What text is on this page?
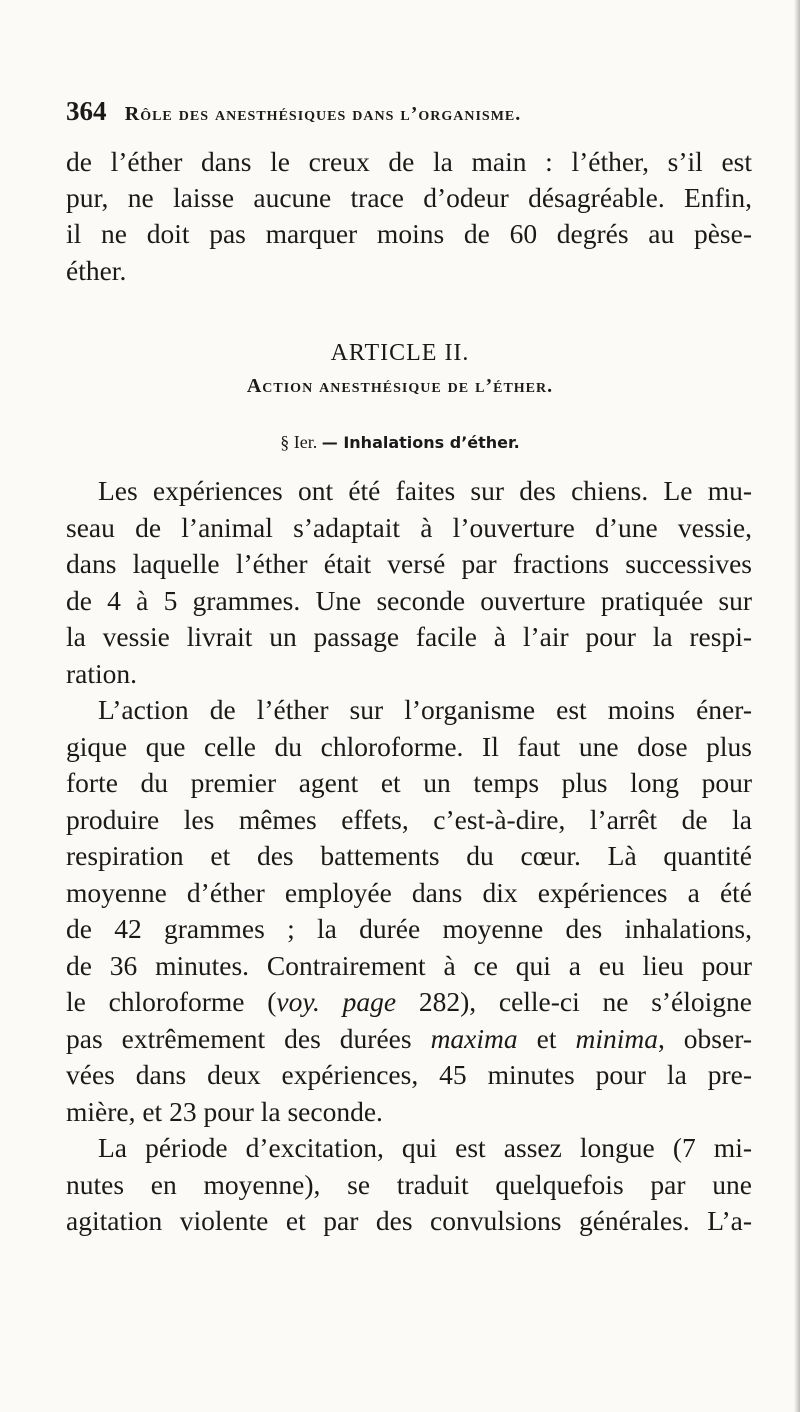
364 Rôle des anesthésiques dans l’organisme.
de l’éther dans le creux de la main : l’éther, s’il est
pur, ne laisse aucune trace d’odeur désagréable. Enfin,
il ne doit pas marquer moins de 60 degrés au pèse-
éther.
ARTICLE II.
Action anesthésique de l’éther.
§ Ier. — Inhalations d’éther.
Les expériences ont été faites sur des chiens. Le mu-
seau de l’animal s’adaptait à l’ouverture d’une vessie,
dans laquelle l’éther était versé par fractions successives
de 4 à 5 grammes. Une seconde ouverture pratiquée sur
la vessie livrait un passage facile à l’air pour la respi-
ration.
L’action de l’éther sur l’organisme est moins éner-
gique que celle du chloroforme. Il faut une dose plus
forte du premier agent et un temps plus long pour
produire les mêmes effets, c’est-à-dire, l’arrêt de la
respiration et des battements du cœur. Là quantité
moyenne d’éther employée dans dix expériences a été
de 42 grammes ; la durée moyenne des inhalations,
de 36 minutes. Contrairement à ce qui a eu lieu pour
le chloroforme (voy. page 282), celle-ci ne s’éloigne
pas extrêmement des durées maxima et minima, obser-
vées dans deux expériences, 45 minutes pour la pre-
mière, et 23 pour la seconde.
La période d’excitation, qui est assez longue (7 mi-
nutes en moyenne), se traduit quelquefois par une
agitation violente et par des convulsions générales. L’a-
